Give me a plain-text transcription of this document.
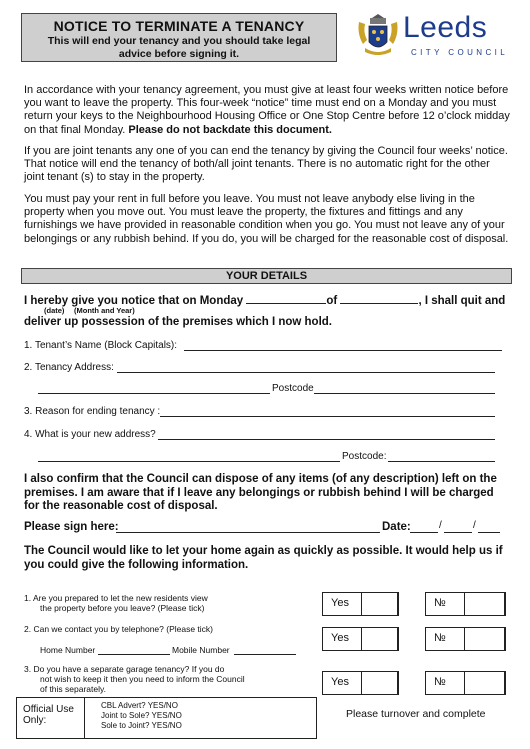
NOTICE TO TERMINATE A TENANCY
This will end your tenancy and you should take legal
advice before signing it.
Leeds
CITY COUNCIL
In accordance with your tenancy agreement, you must give at least four weeks written notice before you want to leave the property. This four-week “notice” time must end on a Monday and you must return your keys to the Neighbourhood Housing Office or One Stop Centre before 12 o’clock midday on that final Monday. Please do not backdate this document.
If you are joint tenants any one of you can end the tenancy by giving the Council four weeks’ notice. That notice will end the tenancy of both/all joint tenants. There is no automatic right for the other joint tenant (s) to stay in the property.
You must pay your rent in full before you leave. You must not leave anybody else living in the property when you move out. You must leave the property, the fixtures and fittings and any furnishings we have provided in reasonable condition when you go. You must not leave any of your belongings or any rubbish behind. If you do, you will be charged for the reasonable cost of disposal.
YOUR DETAILS
I hereby give you notice that on Monday	of	, I shall quit and
(date) (Month and Year)
deliver up possession of the premises which I now hold.
1. Tenant’s Name (Block Capitals):
2. Tenancy Address:
Postcode
3. Reason for ending tenancy :
4. What is your new address?
Postcode:
I also confirm that the Council can dispose of any items (of any description) left on the premises. I am aware that if I leave any belongings or rubbish behind I will be charged for the reasonable cost of disposal.
Please sign here:	Date:	/	/
The Council would like to let your home again as quickly as possible. It would help us if you could give the following information.
1. Are you prepared to let the new residents view
the property before you leave? (Please tick)	Yes	№
2. Can we contact you by telephone? (Please tick)
Home Number	Mobile Number
Yes	№
3. Do you have a separate garage tenancy? If you do
not wish to keep it then you need to inform the Council
of this separately.
Yes	№
Official Use Only:
CBL Advert? YES/NO
Joint to Sole? YES/NO
Sole to Joint? YES/NO
Please turnover and complete
